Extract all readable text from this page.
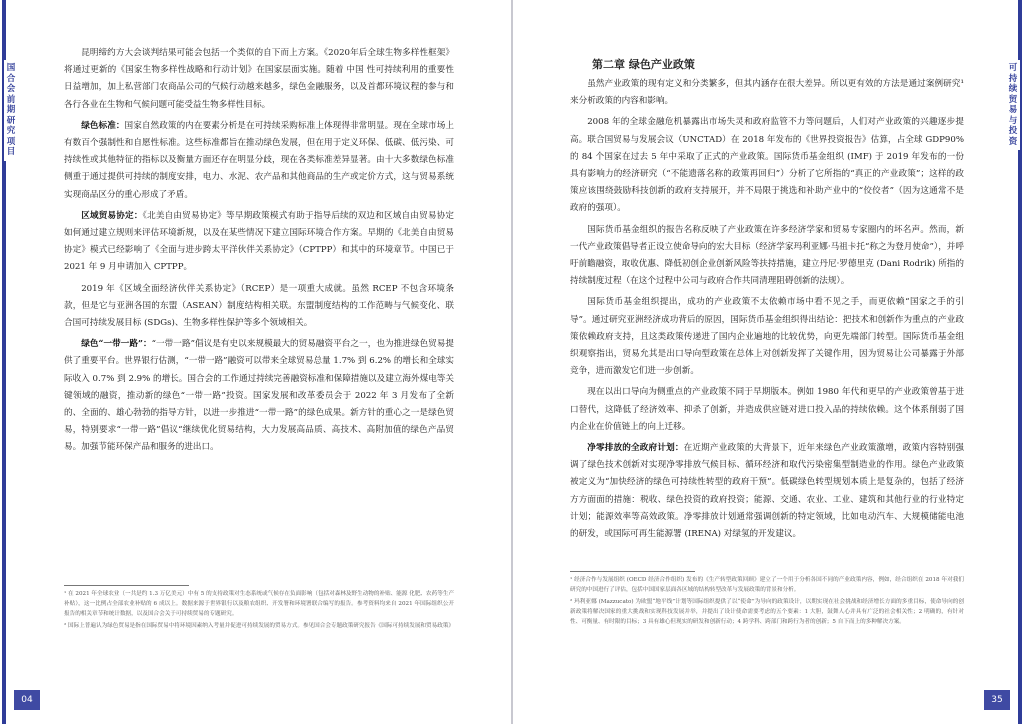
国合会前期研究项目

昆明缔约方大会谈判结果可能会包括一个类似的自下而上方案。《2020年后全球生物多样性框架》将通过更新的《国家生物多样性战略和行动计划》在国家层面实施。随着 中国 性可持续利用的重要性日益增加，加上私营部门农商品公司的气候行动越来越多，绿色金融服务，以及首都环境议程的参与和各行各业在生物和气候问题可能受益生物多样性目标。

绿色标准：国家自然政策的内在要素分析是在可持续采购标准上体现得非常明显。现在全球市场上有数百个强制性和自愿性标准。这些标准都旨在推动绿色发展，但在用于定义环保、低碳、低污染、可持续性或其他特征的指标以及衡量方面还存在明显分歧，现在各类标准差异显著。由十大多数绿色标准侧重于通过提供可持续的制度安排，电力、水泥、农产品和其他商品的生产或定价方式，这与贸易系统实现商品区分的重心形成了矛盾。

区域贸易协定：《北美自由贸易协定》等早期政策模式有助于指导后续的双边和区域自由贸易协定如何通过建立规则来评估环境新规，以及在某些情况下建立国际环境合作方案。早期的《北美自由贸易协定》模式已经影响了《全面与进步跨太平洋伙伴关系协定》（CPTPP）和其中的环境章节。中国已于 2021 年 9 月申请加入 CPTPP。

2019 年《区域全面经济伙伴关系协定》（RCEP）是一项重大成就。虽然 RCEP 不包含环境条款，但是它与亚洲各国的东盟（ASEAN）制度结构相关联。东盟制度结构的工作范畴与气候变化、联合国可持续发展目标 (SDGs)、生物多样性保护等多个领域相关。

绿色“一带一路”：“一带一路”倡议是有史以来规模最大的贸易融资平台之一，也为推进绿色贸易提供了重要平台。世界银行估测，“一带一路”融资可以带来全球贸易总量 1.7% 到 6.2% 的增长和全球实际收入 0.7% 到 2.9% 的增长。国合会的工作通过持续完善融资标准和保障措施以及建立海外煤电等关键领域的融资，推动新的绿色“一带一路”投资。国家发展和改革委员会于 2022 年 3 月发布了全新的、全面的、雄心勃勃的指导方针，以进一步推进“一带一路”的绿色成果。新方针的重心之一是绿色贸易，特别要求“一带一路”倡议“继续优化贸易结构，大力发展高品质、高技术、高附加值的绿色产品贸易。加强节能环保产品和服务的进出口。

¹ 在 2021 年全球农业（一共是约 1.3 万亿美元）中有 5 的支持政策对生态系统或气候存在负面影响（包括对森林及野生动物的补贴、能源 化肥、农药等生产补贴），这一比例占全部农业补贴的 6 成以上。数据来源于世界银行以及粮农组织、开发署和环境署联合编写的报告。参考资料均来自 2021 年国际组织公开报告的相关章节和统计数据，以及国合会关于可持续贸易的专题研究。

² 国际上普遍认为绿色贸易是指在国际贸易中将环境因素纳入考量并促进可持续发展的贸易方式。参见国合会专题政策研究报告《国际可持续发展和贸易政策》

04
可持续贸易与投资

第二章 绿色产业政策

虽然产业政策的现有定义和分类繁多，但其内涵存在很大差异。所以更有效的方法是通过案例研究¹来分析政策的内容和影响。

2008 年的全球金融危机暴露出市场失灵和政府监管不力等问题后，人们对产业政策的兴趣逐步提高。联合国贸易与发展会议（UNCTAD）在 2018 年发布的《世界投资报告》估算，占全球 GDP90% 的 84 个国家在过去 5 年中采取了正式的产业政策。国际货币基金组织 (IMF) 于 2019 年发布的一份具有影响力的经济研究（“不能遗落名称的政策再回归”）分析了它所指的“真正的产业政策”；这样的政策应该围绕鼓励科技创新的政府支持展开，并不局限于挑选和补助产业中的“佼佼者”（因为这通常不是政府的强项）。

国际货币基金组织的报告名称反映了产业政策在许多经济学家和贸易专家圈内的坏名声。然而，新一代产业政策倡导者正设立使命导向的宏大目标（经济学家玛利亚娜·马祖卡托“称之为登月使命”），并呼吁前瞻融资，取收优惠、降低初创企业创新风险等扶持措施，建立丹尼·罗德里克 (Dani Rodrik) 所指的持续制度过程（在这个过程中公司与政府合作共同清理阻碍创新的法规）。

国际货币基金组织提出，成功的产业政策不太依赖市场中看不见之手，而更依赖“国家之手的引导”。通过研究亚洲经济成功背后的原因，国际货币基金组织得出结论：把技术和创新作为重点的产业政策依赖政府支持，且这类政策传递进了国内企业遍地的比较优势，向更先端部门转型。国际货币基金组织观察指出，贸易允其是出口导向型政策在总体上对创新发挥了关键作用，因为贸易让公司暴露于外部竞争，进而激发它们进一步创新。

现在以出口导向为侧重点的产业政策不同于早期版本。例如 1980 年代和更早的产业政策曾基于进口替代，这降低了经济效率、抑杀了创新，并造成供应链对进口投入品的持续依赖。这个体系削弱了国内企业在价值链上的向上迁移。

净零排放的全政府计划：在近期产业政策的大背景下，近年来绿色产业政策激增，政策内容特别强调了绿色技术创新对实现净零排放气候目标、循环经济和取代污染密集型制造业的作用。绿色产业政策被定义为“加快经济的绿色可持续性转型的政府干预”。低碳绿色转型规划本质上是复杂的，包括了经济方方面面的措施：税收、绿色投资的政府投资；能源、交通、农业、工业、建筑和其他行业的行业特定计划；能源效率等高效政策。净零排放计划通常强调创新的特定领域，比如电动汽车、大规模储能电池的研发，或国际可再生能源署 (IRENA) 对绿氢的开发建议。

¹ 经济合作与发展组织 (OECD 经济合作组织) 发布的《生产转型政策回顾》建立了一个用于分析各国不同的产业政策内容，例如，经合组织在 2018 年对我们研究的中国进行了评估，包括中国国家层面各区域的结构转型改革与发展政策的背景和分析。

² 玛利亚娜 (Mazzucato) 为欧盟“地平线”计划等国际组织提供了以“使命”为导向的政策设计，以期实现在社会挑战和经济增长方面的多重目标，使命导向的创新政策将解决国家的重大挑战和实现科技发展并举，并提出了设计使命需要考虑的五个要素：1 大胆，鼓舞人心并具有广泛的社会相关性；2 明确的，有针对性、可衡量、有时限的目标；3 具有雄心但现实的研发和创新行动；4 跨学科、跨部门和跨行为者的创新；5 自下而上的多种解决方案。

35
